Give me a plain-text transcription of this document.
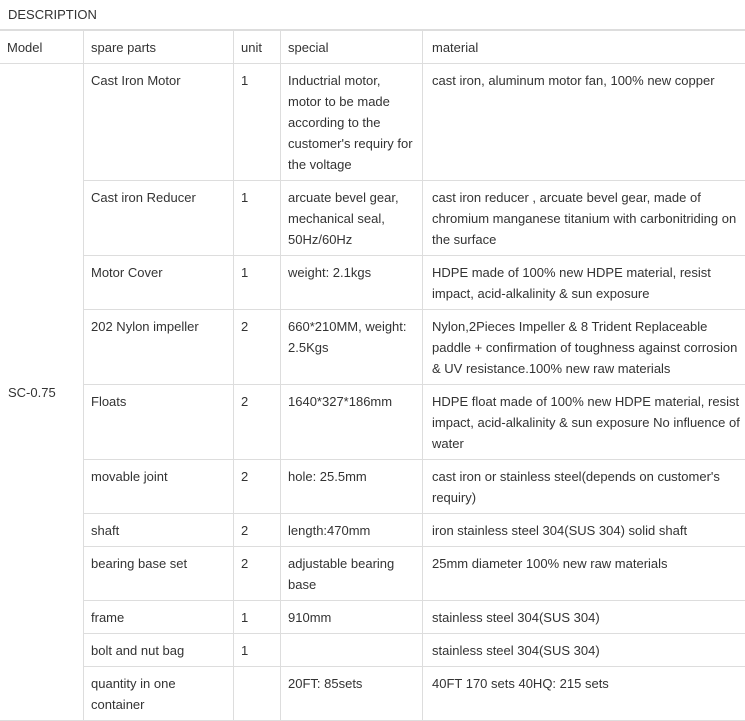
DESCRIPTION
Model	spare parts	unit	special	material
SC-0.75	Cast Iron Motor	1	Inductrial motor, motor to be made according to the customer's requiry for the voltage	cast iron, aluminum motor fan, 100% new copper
	Cast iron Reducer	1	arcuate bevel gear, mechanical seal, 50Hz/60Hz	cast iron reducer , arcuate bevel gear, made of chromium manganese titanium with carbonitriding on the surface
	Motor Cover	1	weight: 2.1kgs	HDPE made of 100% new HDPE material, resist impact, acid-alkalinity & sun exposure
	202 Nylon impeller	2	660*210MM, weight: 2.5Kgs	Nylon,2Pieces Impeller & 8 Trident Replaceable paddle + confirmation of toughness against corrosion & UV resistance.100% new raw materials
	Floats	2	1640*327*186mm	HDPE float made of 100% new HDPE material, resist impact, acid-alkalinity & sun exposure No influence of water
	movable joint	2	hole: 25.5mm	cast iron or stainless steel(depends on customer's requiry)
	shaft	2	length:470mm	iron stainless steel 304(SUS 304) solid shaft
	bearing base set	2	adjustable bearing base	25mm diameter 100% new raw materials
	frame	1	910mm	stainless steel 304(SUS 304)
	bolt and nut bag	1		stainless steel 304(SUS 304)
	quantity in one container		20FT: 85sets	40FT 170 sets 40HQ: 215 sets
